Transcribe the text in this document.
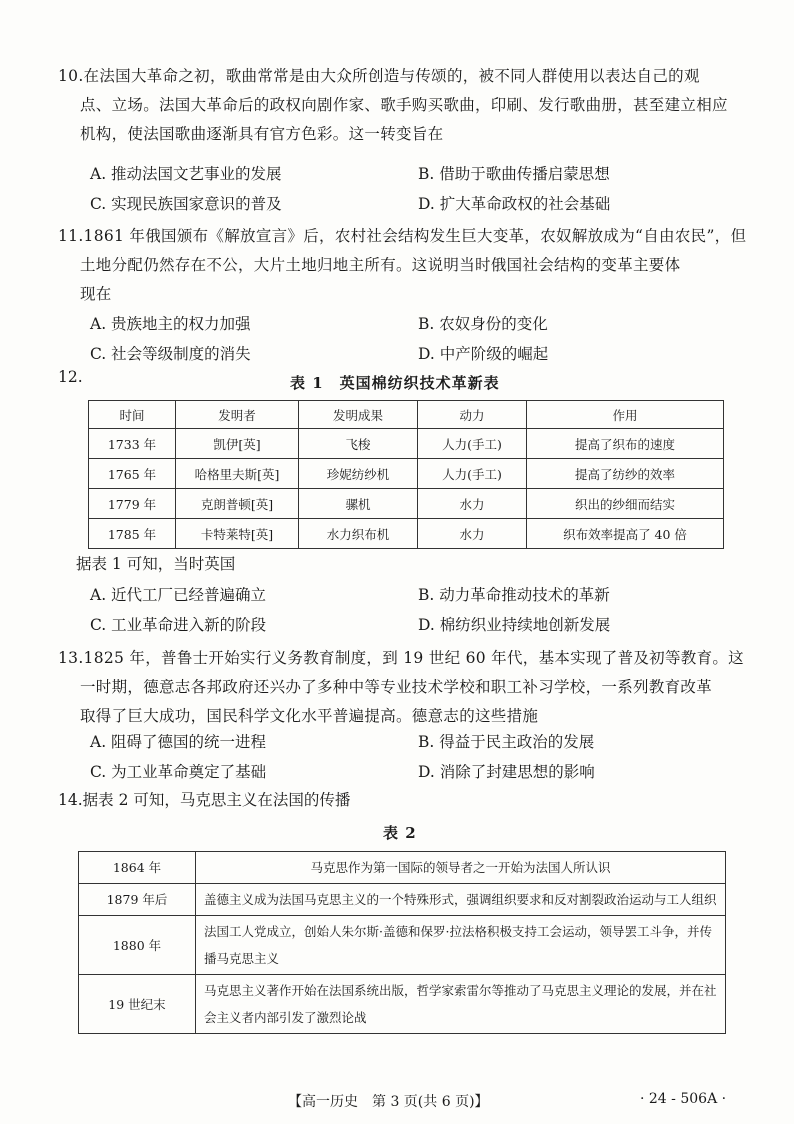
10.在法国大革命之初，歌曲常常是由大众所创造与传颂的，被不同人群使用以表达自己的观
点、立场。法国大革命后的政权向剧作家、歌手购买歌曲，印刷、发行歌曲册，甚至建立相应
机构，使法国歌曲逐渐具有官方色彩。这一转变旨在
A. 推动法国文艺事业的发展	B. 借助于歌曲传播启蒙思想
C. 实现民族国家意识的普及	D. 扩大革命政权的社会基础
11.1861 年俄国颁布《解放宣言》后，农村社会结构发生巨大变革，农奴解放成为“自由农民”，但
土地分配仍然存在不公，大片土地归地主所有。这说明当时俄国社会结构的变革主要体
现在
A. 贵族地主的权力加强	B. 农奴身份的变化
C. 社会等级制度的消失	D. 中产阶级的崛起
12.	表 1　英国棉纺织技术革新表
时间	发明者	发明成果	动力	作用
1733 年	凯伊[英]	飞梭	人力(手工)	提高了织布的速度
1765 年	哈格里夫斯[英]	珍妮纺纱机	人力(手工)	提高了纺纱的效率
1779 年	克朗普顿[英]	骡机	水力	织出的纱细而结实
1785 年	卡特莱特[英]	水力织布机	水力	织布效率提高了 40 倍
据表 1 可知，当时英国
A. 近代工厂已经普遍确立	B. 动力革命推动技术的革新
C. 工业革命进入新的阶段	D. 棉纺织业持续地创新发展
13.1825 年，普鲁士开始实行义务教育制度，到 19 世纪 60 年代，基本实现了普及初等教育。这
一时期，德意志各邦政府还兴办了多种中等专业技术学校和职工补习学校，一系列教育改革
取得了巨大成功，国民科学文化水平普遍提高。德意志的这些措施
A. 阻碍了德国的统一进程	B. 得益于民主政治的发展
C. 为工业革命奠定了基础	D. 消除了封建思想的影响
14.据表 2 可知，马克思主义在法国的传播
表 2
1864 年	马克思作为第一国际的领导者之一开始为法国人所认识
1879 年后	盖德主义成为法国马克思主义的一个特殊形式，强调组织要求和反对割裂政治运动与工人组织
1880 年	法国工人党成立，创始人朱尔斯·盖德和保罗·拉法格积极支持工会运动，领导罢工斗争，并传播马克思主义
19 世纪末	马克思主义著作开始在法国系统出版，哲学家索雷尔等推动了马克思主义理论的发展，并在社会主义者内部引发了激烈论战
【高一历史　第 3 页(共 6 页)】	· 24 - 506A ·
